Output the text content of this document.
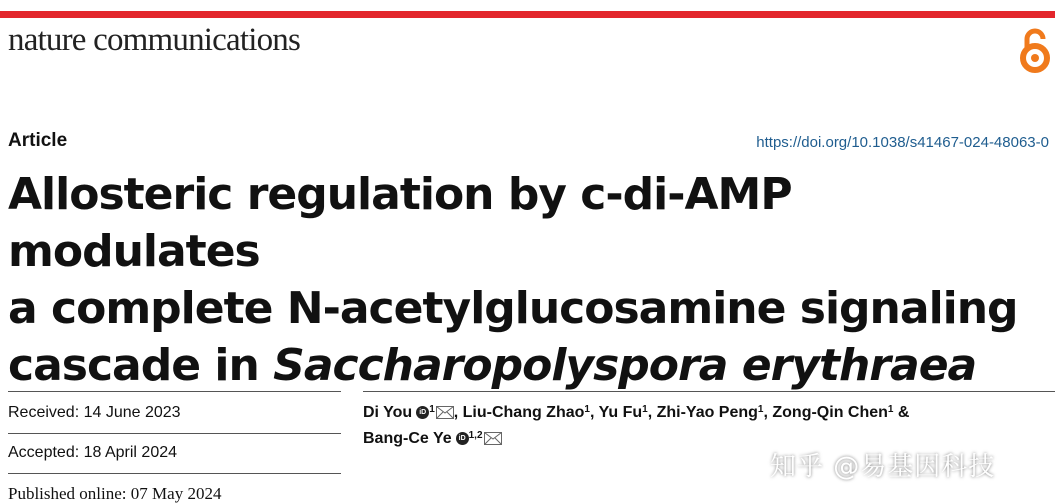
nature communications
Article	https://doi.org/10.1038/s41467-024-48063-0
Allosteric regulation by c-di-AMP modulates
a complete N-acetylglucosamine signaling
cascade in Saccharopolyspora erythraea
Received: 14 June 2023
Accepted: 18 April 2024
Published online: 07 May 2024
Di You iD $^1$ , Liu-Chang Zhao$^1$, Yu Fu$^1$, Zhi-Yao Peng$^1$, Zong-Qin Chen$^1$ &
Bang-Ce Ye iD $^{1,2}$
知乎 @易基因科技
